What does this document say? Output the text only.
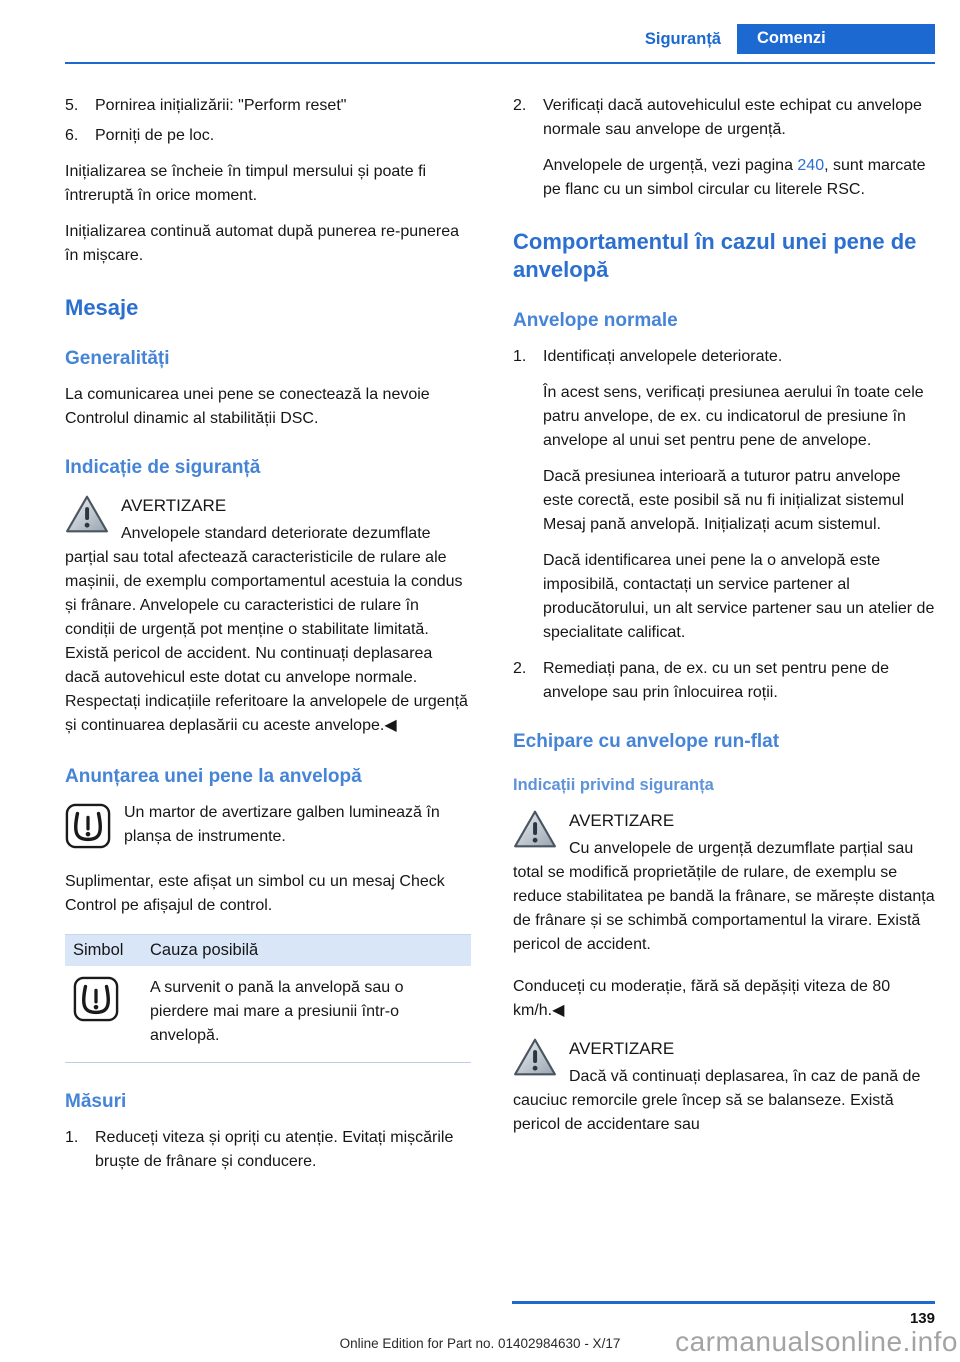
Siguranță	Comenzi
5.	Pornirea inițializării: "Perform reset"
6.	Porniți de pe loc.

Inițializarea se încheie în timpul mersului și poate fi întreruptă în orice moment.

Inițializarea continuă automat după punerea re-punerea în mișcare.

Mesaje
Generalități

La comunicarea unei pene se conectează la nevoie Controlul dinamic al stabilității DSC.

Indicație de siguranță
AVERTIZARE
Anvelopele standard deteriorate dezumflate parțial sau total afectează caracteristicile de rulare ale mașinii, de exemplu comportamentul acestuia la condus și frânare. Anvelopele cu caracteristici de rulare în condiții de urgență pot menține o stabilitate limitată. Există pericol de accident. Nu continuați deplasarea dacă autovehicul este dotat cu anvelope normale. Respectați indicațiile referitoare la anvelopele de urgență și continuarea deplasării cu aceste anvelope.◀
Anunțarea unei pene la anvelopă

Un martor de avertizare galben luminează în planșa de instrumente.

Suplimentar, este afișat un simbol cu un mesaj Check Control pe afișajul de control.

Simbol	Cauza posibilă

A survenit o pană la anvelopă sau o pierdere mai mare a presiunii într-o anvelopă.

Măsuri
1.	Reduceți viteza și opriți cu atenție. Evitați mișcările bruște de frânare și conducere.
2.	Verificați dacă autovehiculul este echipat cu anvelope normale sau anvelope de urgență.

Anvelopele de urgență, vezi pagina 240, sunt marcate pe flanc cu un simbol circular cu literele RSC.

Comportamentul în cazul unei pene de anvelopă
Anvelope normale
1.	Identificați anvelopele deteriorate.

În acest sens, verificați presiunea aerului în toate cele patru anvelope, de ex. cu indicatorul de presiune în anvelope al unui set pentru pene de anvelope.

Dacă presiunea interioară a tuturor patru anvelope este corectă, este posibil să nu fi inițializat sistemul Mesaj pană anvelopă. Inițializați acum sistemul.

Dacă identificarea unei pene la o anvelopă este imposibilă, contactați un service partener al producătorului, un alt service partener sau un atelier de specialitate calificat.

2.	Remediați pana, de ex. cu un set pentru pene de anvelope sau prin înlocuirea roții.

Echipare cu anvelope run-flat
Indicații privind siguranța
AVERTIZARE
Cu anvelopele de urgență dezumflate parțial sau total se modifică proprietățile de rulare, de exemplu se reduce stabilitatea pe bandă la frânare, se mărește distanța de frânare și se schimbă comportamentul la virare. Există pericol de accident.

Conduceți cu moderație, fără să depășiți viteza de 80 km/h.◀

AVERTIZARE
Dacă vă continuați deplasarea, în caz de pană de cauciuc remorcile grele încep să se balanseze. Există pericol de accidentare sau
139
Online Edition for Part no. 01402984630 - X/17	carmanualsonline.info
